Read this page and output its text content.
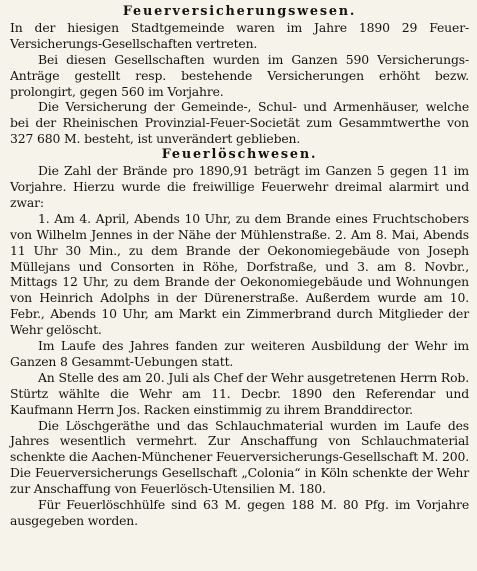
Feuerversicherungswesen.

In der hiesigen Stadtgemeinde waren im Jahre 1890 29 Feuer-Versicherungs-Gesellschaften vertreten.

Bei diesen Gesellschaften wurden im Ganzen 590 Versicherungs-Anträge gestellt resp. bestehende Versicherungen erhöht bezw. prolongirt, gegen 560 im Vorjahre.

Die Versicherung der Gemeinde-, Schul- und Armenhäuser, welche bei der Rheinischen Provinzial-Feuer-Societät zum Gesammtwerthe von 327 680 M. besteht, ist unverändert geblieben.

Feuerlöschwesen.

Die Zahl der Brände pro 1890,91 beträgt im Ganzen 5 gegen 11 im Vorjahre. Hierzu wurde die freiwillige Feuerwehr dreimal alarmirt und zwar:

1. Am 4. April, Abends 10 Uhr, zu dem Brande eines Fruchtschobers von Wilhelm Jennes in der Nähe der Mühlenstraße. 2. Am 8. Mai, Abends 11 Uhr 30 Min., zu dem Brande der Oekonomiegebäude von Joseph Müllejans und Consorten in Röhe, Dorfstraße, und 3. am 8. Novbr., Mittags 12 Uhr, zu dem Brande der Oekonomiegebäude und Wohnungen von Heinrich Adolphs in der Dürenerstraße. Außerdem wurde am 10. Febr., Abends 10 Uhr, am Markt ein Zimmerbrand durch Mitglieder der Wehr gelöscht.

Im Laufe des Jahres fanden zur weiteren Ausbildung der Wehr im Ganzen 8 Gesammt-Uebungen statt.

An Stelle des am 20. Juli als Chef der Wehr ausgetretenen Herrn Rob. Stürtz wählte die Wehr am 11. Decbr. 1890 den Referendar und Kaufmann Herrn Jos. Racken einstimmig zu ihrem Branddirector.

Die Löschgeräthe und das Schlauchmaterial wurden im Laufe des Jahres wesentlich vermehrt. Zur Anschaffung von Schlauchmaterial schenkte die Aachen-Münchener Feuerversicherungs-Gesellschaft M. 200. Die Feuerversicherungs Gesellschaft „Colonia“ in Köln schenkte der Wehr zur Anschaffung von Feuerlösch-Utensilien M. 180.

Für Feuerlöschhülfe sind 63 M. gegen 188 M. 80 Pfg. im Vorjahre ausgegeben worden.
